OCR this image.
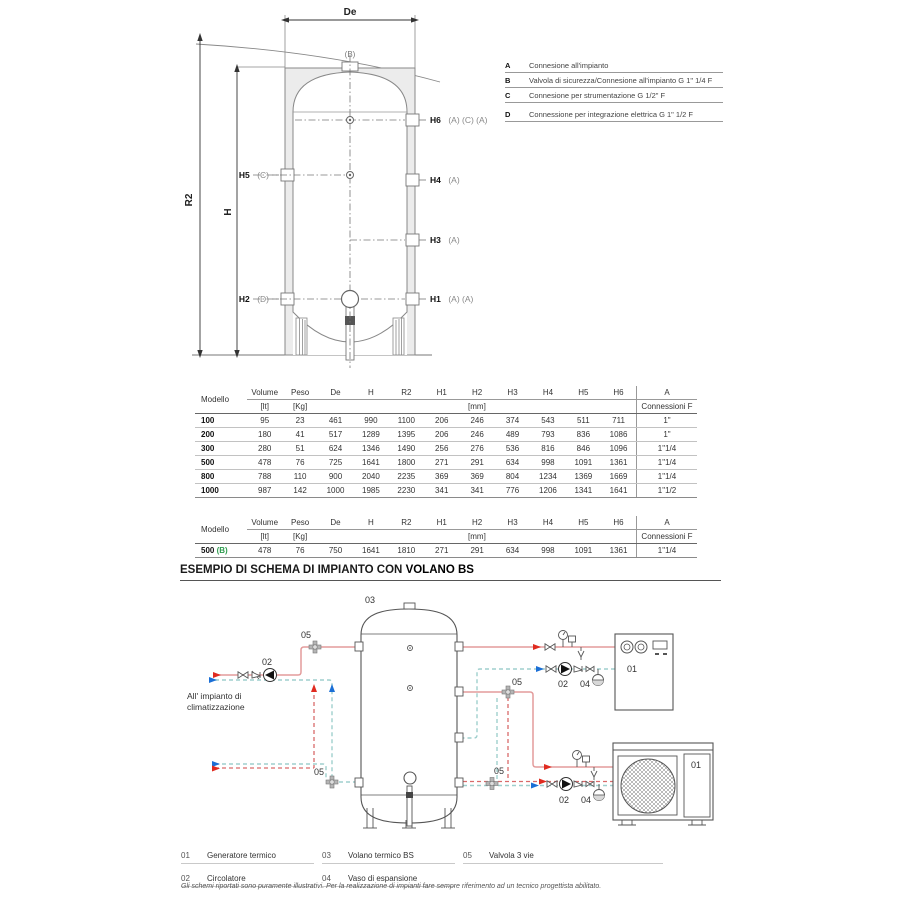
De
R2
H
(B)
H6 (A) (C) (A)
H4 (A)
H3 (A)
H1 (A) (A)
H5 (C)
H2 (D)
A	Connesione all'impianto
B	Valvola di sicurezza/Connesione all'impianto G 1" 1/4 F
C	Connesione per strumentazione G 1/2" F
D	Connessione per integrazione elettrica G 1" 1/2 F
Modello	Volume	Peso	De	H	R2	H1	H2	H3	H4	H5	H6	A
	[lt]	[Kg]	[mm]									Connessioni F
100	95	23	461	990	1100	206	246	374	543	511	711	1"
200	180	41	517	1289	1395	206	246	489	793	836	1086	1"
300	280	51	624	1346	1490	256	276	536	816	846	1096	1"1/4
500	478	76	725	1641	1800	271	291	634	998	1091	1361	1"1/4
800	788	110	900	2040	2235	369	369	804	1234	1369	1669	1"1/4
1000	987	142	1000	1985	2230	341	341	776	1206	1341	1641	1"1/2
Modello	Volume	Peso	De	H	R2	H1	H2	H3	H4	H5	H6	A
	[lt]	[Kg]	[mm]									Connessioni F
500 (B)	478	76	750	1641	1810	271	291	634	998	1091	1361	1"1/4
ESEMPIO DI SCHEMA DI IMPIANTO CON VOLANO BS
03
05
05
05
05
02
02 04
02 04
01
01
All' impianto di
climatizzazione
01	Generatore termico	03	Volano termico BS	05	Valvola 3 vie
02	Circolatore	04	Vaso di espansione
Gli schemi riportati sono puramente illustrativi. Per la realizzazione di impianti fare sempre riferimento ad un tecnico progettista abilitato.
